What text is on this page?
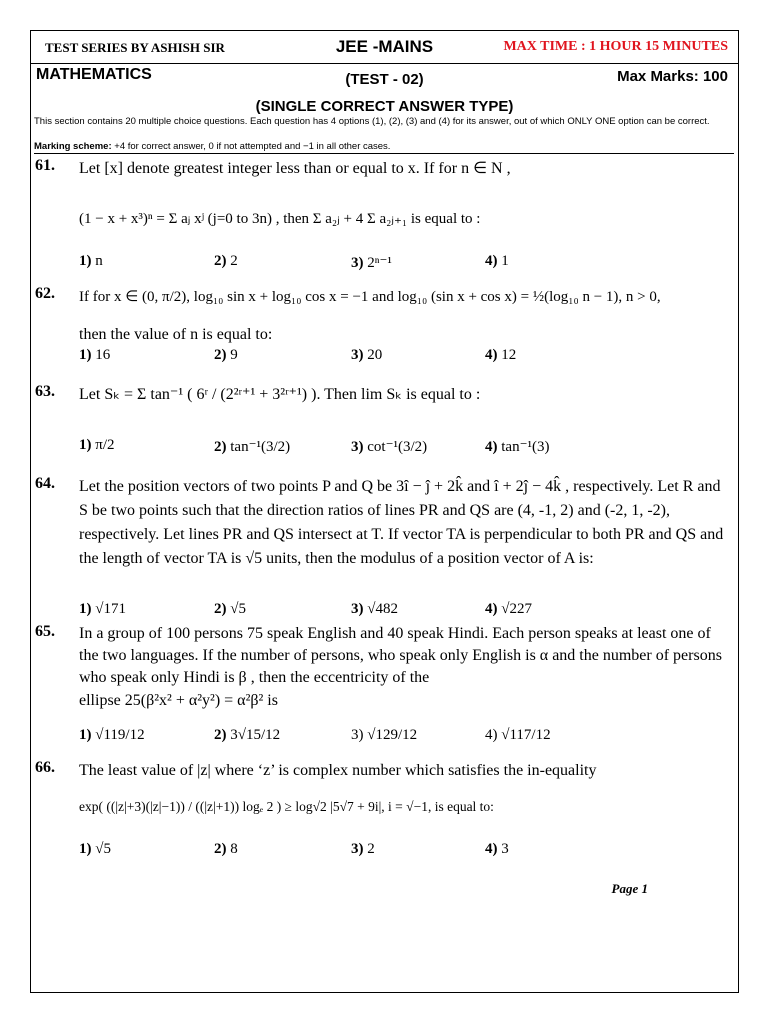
TEST SERIES BY ASHISH SIR	JEE -MAINS	MAX TIME : 1 HOUR 15 MINUTES
MATHEMATICS	(TEST - 02)	Max Marks: 100
(SINGLE CORRECT ANSWER TYPE)
This section contains 20 multiple choice questions. Each question has 4 options (1), (2), (3) and (4) for its answer, out of which ONLY ONE option can be correct.
Marking scheme: +4 for correct answer, 0 if not attempted and −1 in all other cases.
61. Let [x] denote greatest integer less than or equal to x. If for n ∈ N ,
(1 − x + x³)ⁿ = Σ aⱼ xʲ (j=0 to 3n) , then Σ a₂ⱼ + 4 Σ a₂ⱼ₊₁ is equal to :
1) n	2) 2	3) 2ⁿ⁻¹	4) 1
62. If for x ∈ (0, π/2), log₁₀ sin x + log₁₀ cos x = −1 and log₁₀ (sin x + cos x) = ½(log₁₀ n − 1), n > 0,
then the value of n is equal to:
1) 16	2) 9	3) 20	4) 12
63. Let Sₖ = Σ tan⁻¹ ( 6ʳ / (2²ʳ⁺¹ + 3²ʳ⁺¹) ). Then lim Sₖ is equal to :
1) π/2	2) tan⁻¹(3/2)	3) cot⁻¹(3/2)	4) tan⁻¹(3)
64. Let the position vectors of two points P and Q be 3î − ĵ + 2k̂ and î + 2ĵ − 4k̂ , respectively. Let R and S be two points such that the direction ratios of lines PR and QS are (4, -1, 2) and (-2, 1, -2), respectively. Let lines PR and QS intersect at T. If vector TA is perpendicular to both PR and QS and the length of vector TA is √5 units, then the modulus of a position vector of A is:
1) √171	2) √5	3) √482	4) √227
65. In a group of 100 persons 75 speak English and 40 speak Hindi. Each person speaks at least one of the two languages. If the number of persons, who speak only English is α and the number of persons who speak only Hindi is β , then the eccentricity of the
ellipse 25(β²x² + α²y²) = α²β² is
1) √119/12	2) 3√15/12	3) √129/12	4) √117/12
66. The least value of |z| where ‘z’ is complex number which satisfies the in-equality
exp( ((|z|+3)(|z|−1)) / ((|z|+1)) logₑ 2 ) ≥ log√2 |5√7 + 9i|, i = √−1, is equal to:
1) √5	2) 8	3) 2	4) 3
Page 1
